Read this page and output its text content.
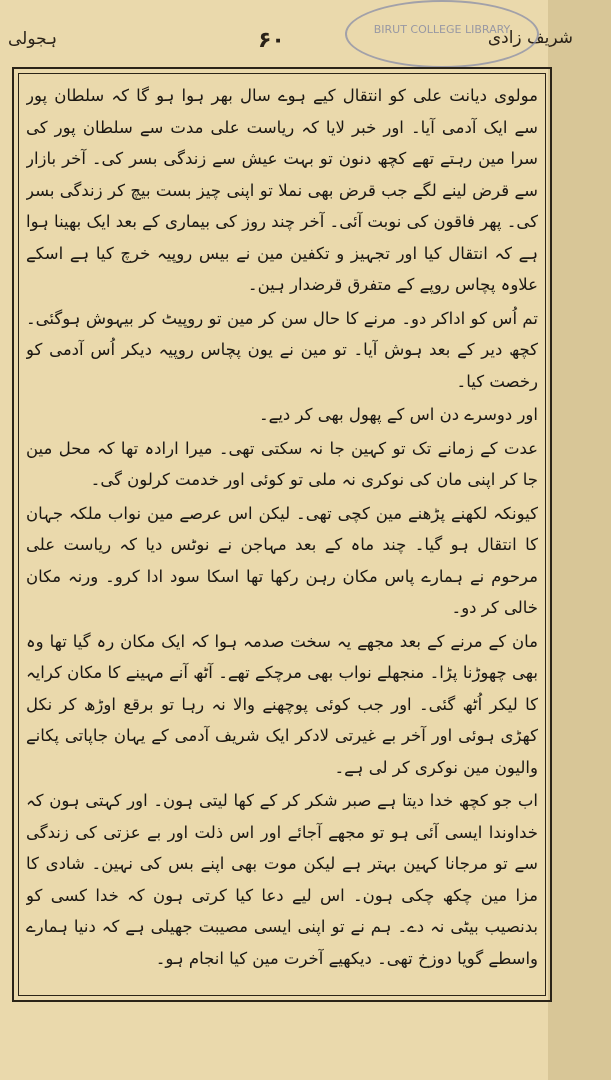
ہجولی	۶۰	شریف زادی
BIRUT COLLEGE LIBRARY

مولوی دیانت علی کو انتقال کیے ہوے سال بھر ہوا ہو گا کہ سلطان پور سے ایک آدمی آیا۔ اور خبر لایا کہ ریاست علی مدت سے سلطان پور کی سرا مین رہتے تھے کچھ دنون تو بہت عیش سے زندگی بسر کی۔ آخر بازار سے قرض لینے لگے جب قرض بھی نملا تو اپنی چیز بست بیچ کر زندگی بسر کی۔ پھر فاقون کی نوبت آئی۔ آخر چند روز کی بیماری کے بعد ایک بھینا ہوا ہے کہ انتقال کیا اور تجہیز و تکفین مین نے بیس روپیہ خرچ کیا ہے اسکے علاوہ پچاس روپے کے متفرق قرضدار ہین۔

تم اُس کو اداکر دو۔ مرنے کا حال سن کر مین تو روپیٹ کر بیہوش ہوگئی۔ کچھ دیر کے بعد ہوش آیا۔ تو مین نے یون پچاس روپیہ دیکر اُس آدمی کو رخصت کیا۔

اور دوسرے دن اس کے پھول بھی کر دیے۔

عدت کے زمانے تک تو کہین جا نہ سکتی تھی۔ میرا ارادہ تھا کہ محل مین جا کر اپنی مان کی نوکری نہ ملی تو کوئی اور خدمت کرلون گی۔

کیونکہ لکھنے پڑھنے مین کچی تھی۔ لیکن اس عرصے مین نواب ملکہ جہان کا انتقال ہو گیا۔ چند ماہ کے بعد مہاجن نے نوٹس دیا کہ ریاست علی مرحوم نے ہمارے پاس مکان رہن رکھا تھا اسکا سود ادا کرو۔ ورنہ مکان خالی کر دو۔

مان کے مرنے کے بعد مجھے یہ سخت صدمہ ہوا کہ ایک مکان رہ گیا تھا وہ بھی چھوڑنا پڑا۔ منجھلے نواب بھی مرچکے تھے۔ آٹھ آنے مہینے کا مکان کرایہ کا لیکر اُٹھ گئی۔ اور جب کوئی پوچھنے والا نہ رہا تو برقع اوڑھ کر نکل کھڑی ہوئی اور آخر بے غیرتی لادکر ایک شریف آدمی کے یہان جاپاتی پکانے والیون مین نوکری کر لی ہے۔

اب جو کچھ خدا دیتا ہے صبر شکر کر کے کھا لیتی ہون۔ اور کہتی ہون کہ خداوندا ایسی آئی ہو تو مجھے آجائے اور اس ذلت اور بے عزتی کی زندگی سے تو مرجانا کہین بہتر ہے لیکن موت بھی اپنے بس کی نہین۔ شادی کا مزا مین چکھ چکی ہون۔ اس لیے دعا کیا کرتی ہون کہ خدا کسی کو بدنصیب بیٹی نہ دے۔ ہم نے تو اپنی ایسی مصیبت جھیلی ہے کہ دنیا ہمارے واسطے گویا دوزخ تھی۔ دیکھیے آخرت مین کیا انجام ہو۔
